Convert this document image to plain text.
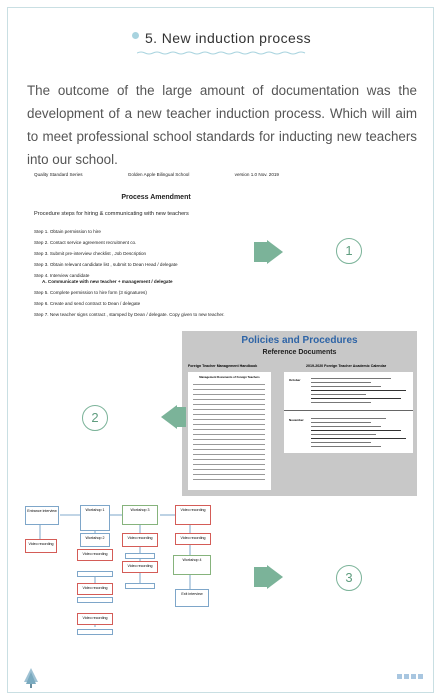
5. New induction process

The outcome of the large amount of documentation was the development of a new teacher induction process. Which will aim to meet professional school standards for inducting new teachers into our school.

Quality Standard Series	Golden Apple Bilingual School	version 1.0 Nov. 2019
Process Amendment
Procedure steps for hiring & communicating with new teachers
Step 1. Obtain permission to hire
Step 2. Contact service agreement recruitment co.
Step 3. Submit pre-interview checklist , Job Description
Step 3. Obtain relevant candidate list , submit to Dean Head / delegate
Step 4. Interview candidate
A. Communicate with new teacher + management / delegate
Step 5. Complete permission to hire form (3 signatures)
Step 6. Create and send contract to Dean / delegate
Step 7. New teacher signs contract , stamped by Dean / delegate. Copy given to new teacher.
1
Policies and Procedures
Reference Documents
Foreign Teacher Management Handbook	2019-2020 Foreign Teacher Academic Calendar
Management Documents of Foreign Teachers
October
November
2
Entrance interview	Workshop 1
Workshop 2
Video recording
Video recording
Video recording
Video recording
Workshop 3
Video recording
Video recording
Video recording
Video recording
Workshop 4
Exit interview
3
